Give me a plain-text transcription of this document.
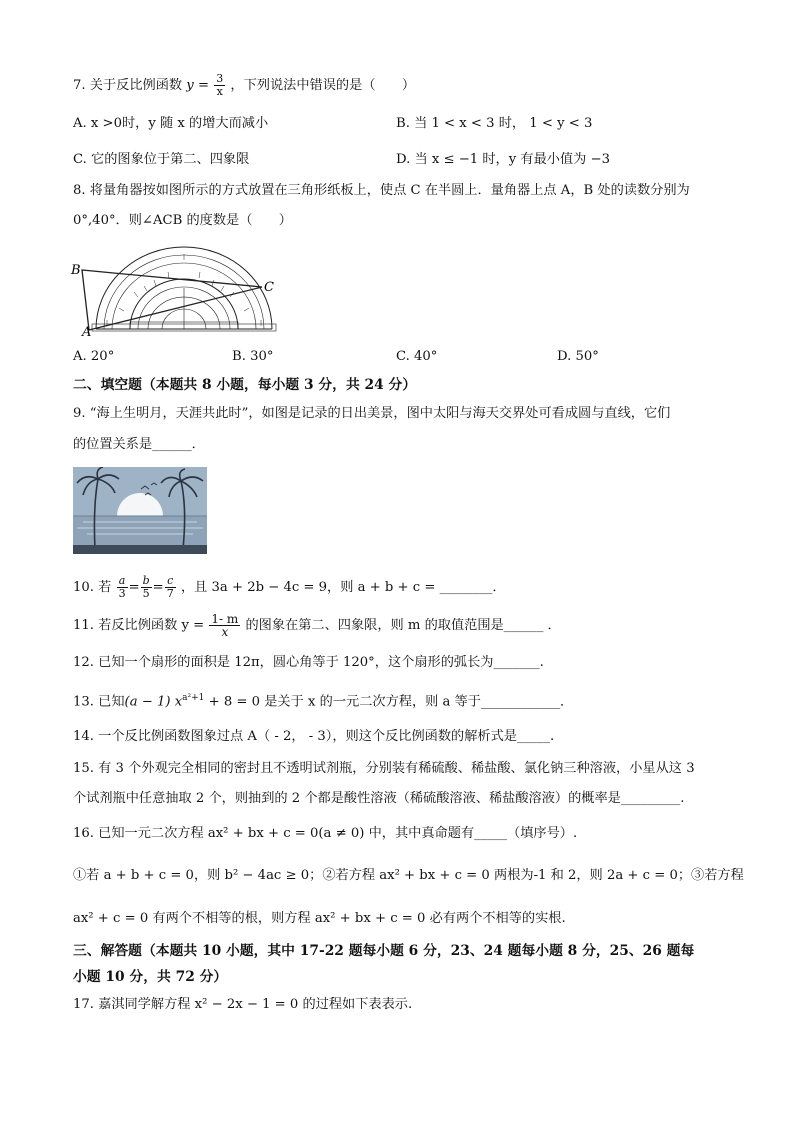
7. 关于反比例函数 $y = \frac{3}{x}$ ，下列说法中错误的是（　　）
A. x >0时，y 随 x 的增大而减小	B. 当 1 < x < 3 时， 1 < y < 3
C. 它的图象位于第二、四象限	D. 当 x ≤ −1 时，y 有最小值为 −3
8. 将量角器按如图所示的方式放置在三角形纸板上，使点 C 在半圆上．量角器上点 A，B 处的读数分别为
0°,40°．则∠ACB 的度数是（　　）
B
A
C
A. 20°	B. 30°	C. 40°	D. 50°
二、填空题（本题共 8 小题，每小题 3 分，共 24 分）
9. “海上生明月，天涯共此时”，如图是记录的日出美景，图中太阳与海天交界处可看成圆与直线，它们
的位置关系是______．
10. 若 $\frac{a}{3} = \frac{b}{5} = \frac{c}{7}$ ，且 3a + 2b − 4c = 9，则 a + b + c = ________．
11. 若反比例函数 $y = \frac{1- m}{x}$ 的图象在第二、四象限，则 m 的取值范围是______ ．
12. 已知一个扇形的面积是 12π，圆心角等于 120°，这个扇形的弧长为_______.
13. 已知(a − 1) $x^{a^2+1} + 8 = 0$ 是关于 x 的一元二次方程，则 a 等于____________．
14. 一个反比例函数图象过点 A（ - 2， - 3），则这个反比例函数的解析式是_____.
15. 有 3 个外观完全相同的密封且不透明试剂瓶，分别装有稀硫酸、稀盐酸、氯化钠三种溶液，小星从这 3
个试剂瓶中任意抽取 2 个，则抽到的 2 个都是酸性溶液（稀硫酸溶液、稀盐酸溶液）的概率是_________.
16. 已知一元二次方程 ax² + bx + c = 0(a ≠ 0) 中，其中真命题有_____（填序号）.
①若 a + b + c = 0，则 b² − 4ac ≥ 0；②若方程 ax² + bx + c = 0 两根为-1 和 2，则 2a + c = 0；③若方程
ax² + c = 0 有两个不相等的根，则方程 ax² + bx + c = 0 必有两个不相等的实根.
三、解答题（本题共 10 小题，其中 17-22 题每小题 6 分，23、24 题每小题 8 分，25、26 题每
小题 10 分，共 72 分）
17. 嘉淇同学解方程 x² − 2x − 1 = 0 的过程如下表表示.
